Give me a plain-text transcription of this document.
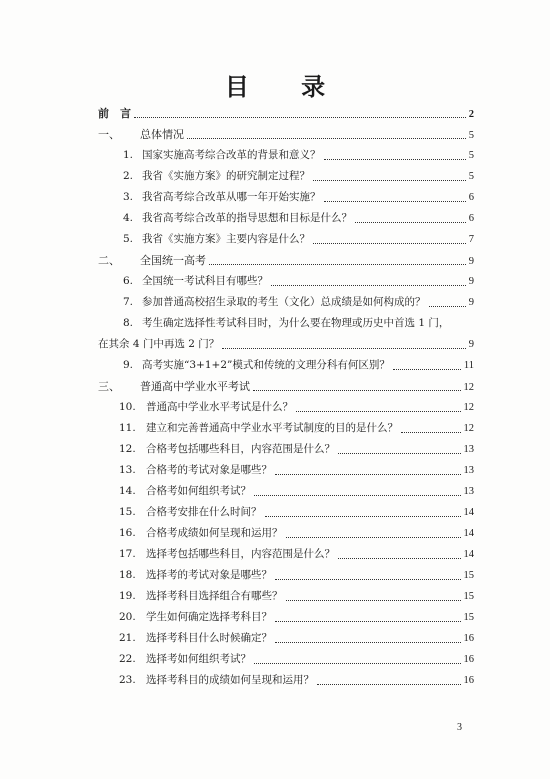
目 录
前　言	2
一、	总体情况	5
1. 国家实施高考综合改革的背景和意义？	5
2. 我省《实施方案》的研究制定过程？	5
3. 我省高考综合改革从哪一年开始实施？	6
4. 我省高考综合改革的指导思想和目标是什么？	6
5. 我省《实施方案》主要内容是什么？	7
二、	全国统一高考	9
6. 全国统一考试科目有哪些？	9
7. 参加普通高校招生录取的考生（文化）总成绩是如何构成的？	9
8. 考生确定选择性考试科目时，为什么要在物理或历史中首选 1 门，
在其余 4 门中再选 2 门？	9
9. 高考实施“3+1+2”模式和传统的文理分科有何区别？	11
三、	普通高中学业水平考试	12
10. 普通高中学业水平考试是什么？	12
11. 建立和完善普通高中学业水平考试制度的目的是什么？	12
12. 合格考包括哪些科目，内容范围是什么？	13
13. 合格考的考试对象是哪些？	13
14. 合格考如何组织考试？	13
15. 合格考安排在什么时间？	14
16. 合格考成绩如何呈现和运用？	14
17. 选择考包括哪些科目，内容范围是什么？	14
18. 选择考的考试对象是哪些？	15
19. 选择考科目选择组合有哪些？	15
20. 学生如何确定选择考科目？	15
21. 选择考科目什么时候确定？	16
22. 选择考如何组织考试？	16
23. 选择考科目的成绩如何呈现和运用？	16
3
